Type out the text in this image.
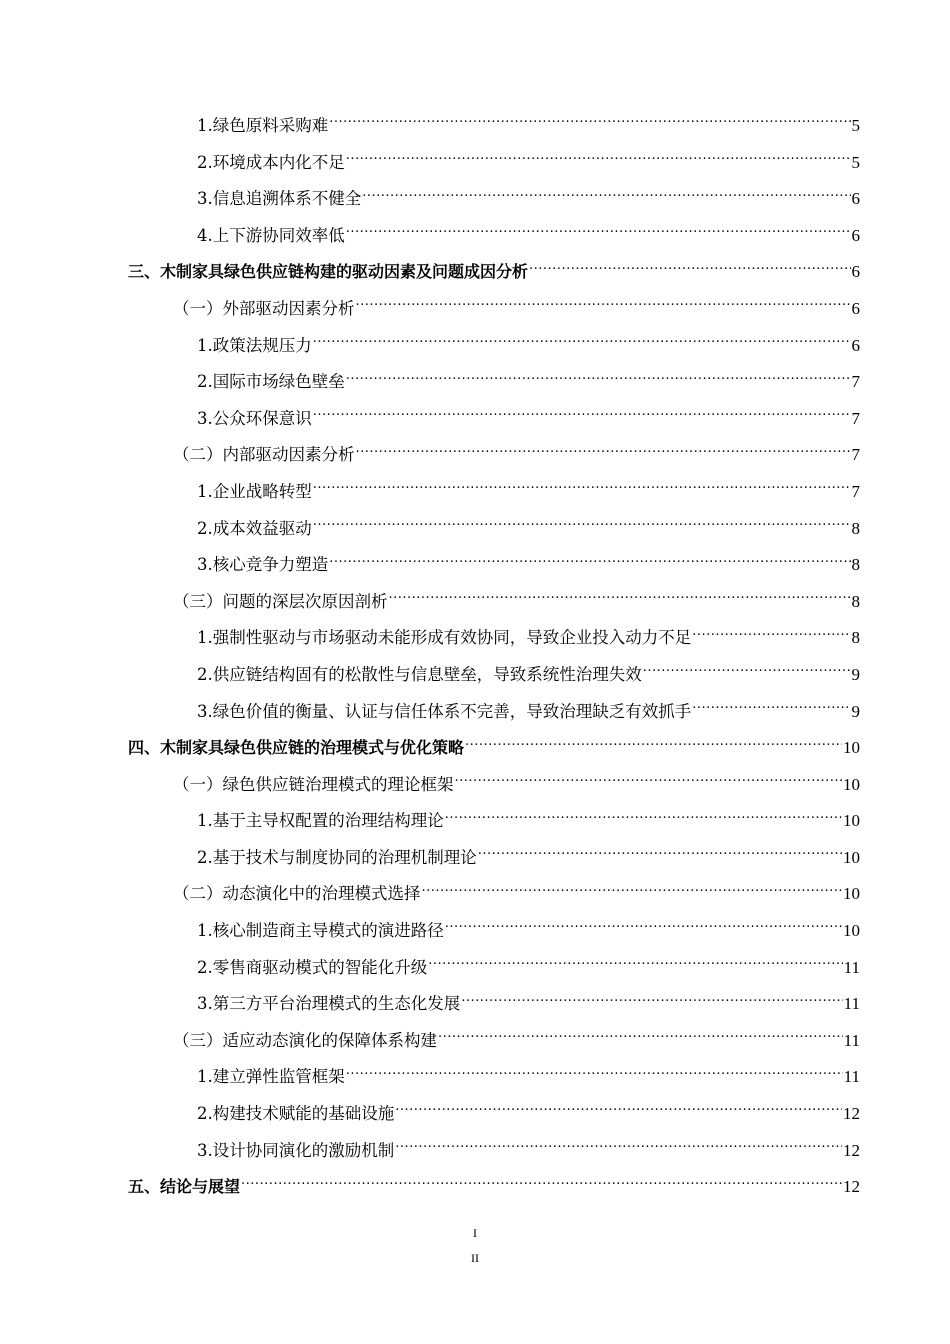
1.绿色原料采购难 .....	5
2.环境成本内化不足 .....	5
3.信息追溯体系不健全 .....	6
4.上下游协同效率低 .....	6
三、木制家具绿色供应链构建的驱动因素及问题成因分析 .....	6
（一）外部驱动因素分析 .....	6
1.政策法规压力 .....	6
2.国际市场绿色壁垒 .....	7
3.公众环保意识 .....	7
（二）内部驱动因素分析 .....	7
1.企业战略转型 .....	7
2.成本效益驱动 .....	8
3.核心竞争力塑造 .....	8
（三）问题的深层次原因剖析 .....	8
1.强制性驱动与市场驱动未能形成有效协同，导致企业投入动力不足 .....	8
2.供应链结构固有的松散性与信息壁垒，导致系统性治理失效 .....	9
3.绿色价值的衡量、认证与信任体系不完善，导致治理缺乏有效抓手 .....	9
四、木制家具绿色供应链的治理模式与优化策略 .....	10
（一）绿色供应链治理模式的理论框架 .....	10
1.基于主导权配置的治理结构理论 .....	10
2.基于技术与制度协同的治理机制理论 .....	10
（二）动态演化中的治理模式选择 .....	10
1.核心制造商主导模式的演进路径 .....	10
2.零售商驱动模式的智能化升级 .....	11
3.第三方平台治理模式的生态化发展 .....	11
（三）适应动态演化的保障体系构建 .....	11
1.建立弹性监管框架 .....	11
2.构建技术赋能的基础设施 .....	12
3.设计协同演化的激励机制 .....	12
五、结论与展望 .....	12
I
II
